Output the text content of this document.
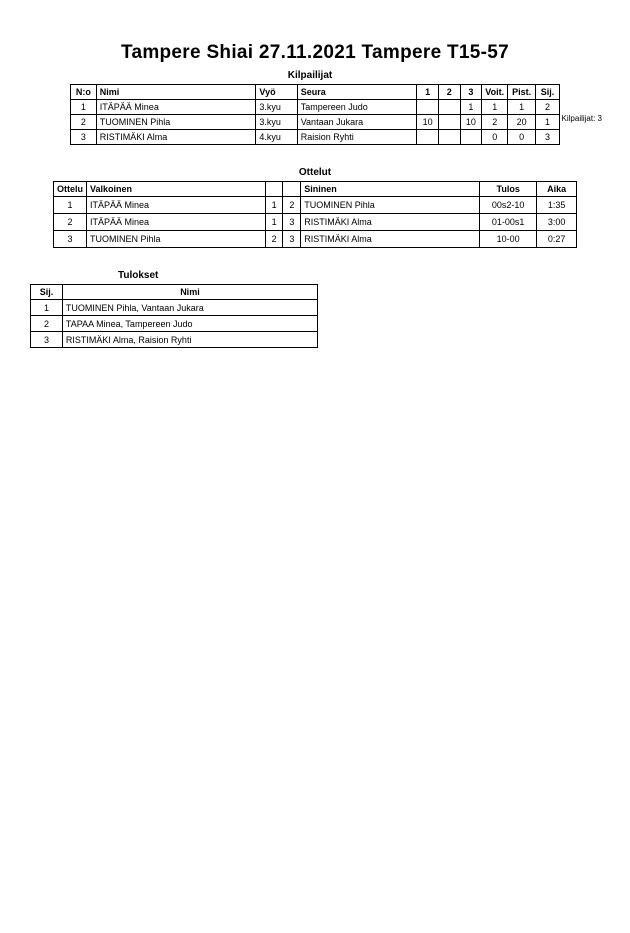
Tampere Shiai 27.11.2021 Tampere T15-57
Kilpailijat: 3
Kilpailijat
N:o	Nimi	Vyö	Seura	1	2	3	Voit.	Pist.	Sij.
1	ITÄPÄÄ Minea	3.kyu	Tampereen Judo			1	1	1	2
2	TUOMINEN Pihla	3.kyu	Vantaan Jukara	10		10	2	20	1
3	RISTIMÄKI Alma	4.kyu	Raision Ryhti				0	0	3
Ottelut
Ottelu	Valkoinen			Sininen	Tulos	Aika
1	ITÄPÄÄ Minea	1	2	TUOMINEN Pihla	00s2-10	1:35
2	ITÄPÄÄ Minea	1	3	RISTIMÄKI Alma	01-00s1	3:00
3	TUOMINEN Pihla	2	3	RISTIMÄKI Alma	10-00	0:27
Tulokset
Sij.	Nimi
1	TUOMINEN Pihla, Vantaan Jukara
2	TAPAA Minea, Tampereen Judo
3	RISTIMÄKI Alma, Raision Ryhti
